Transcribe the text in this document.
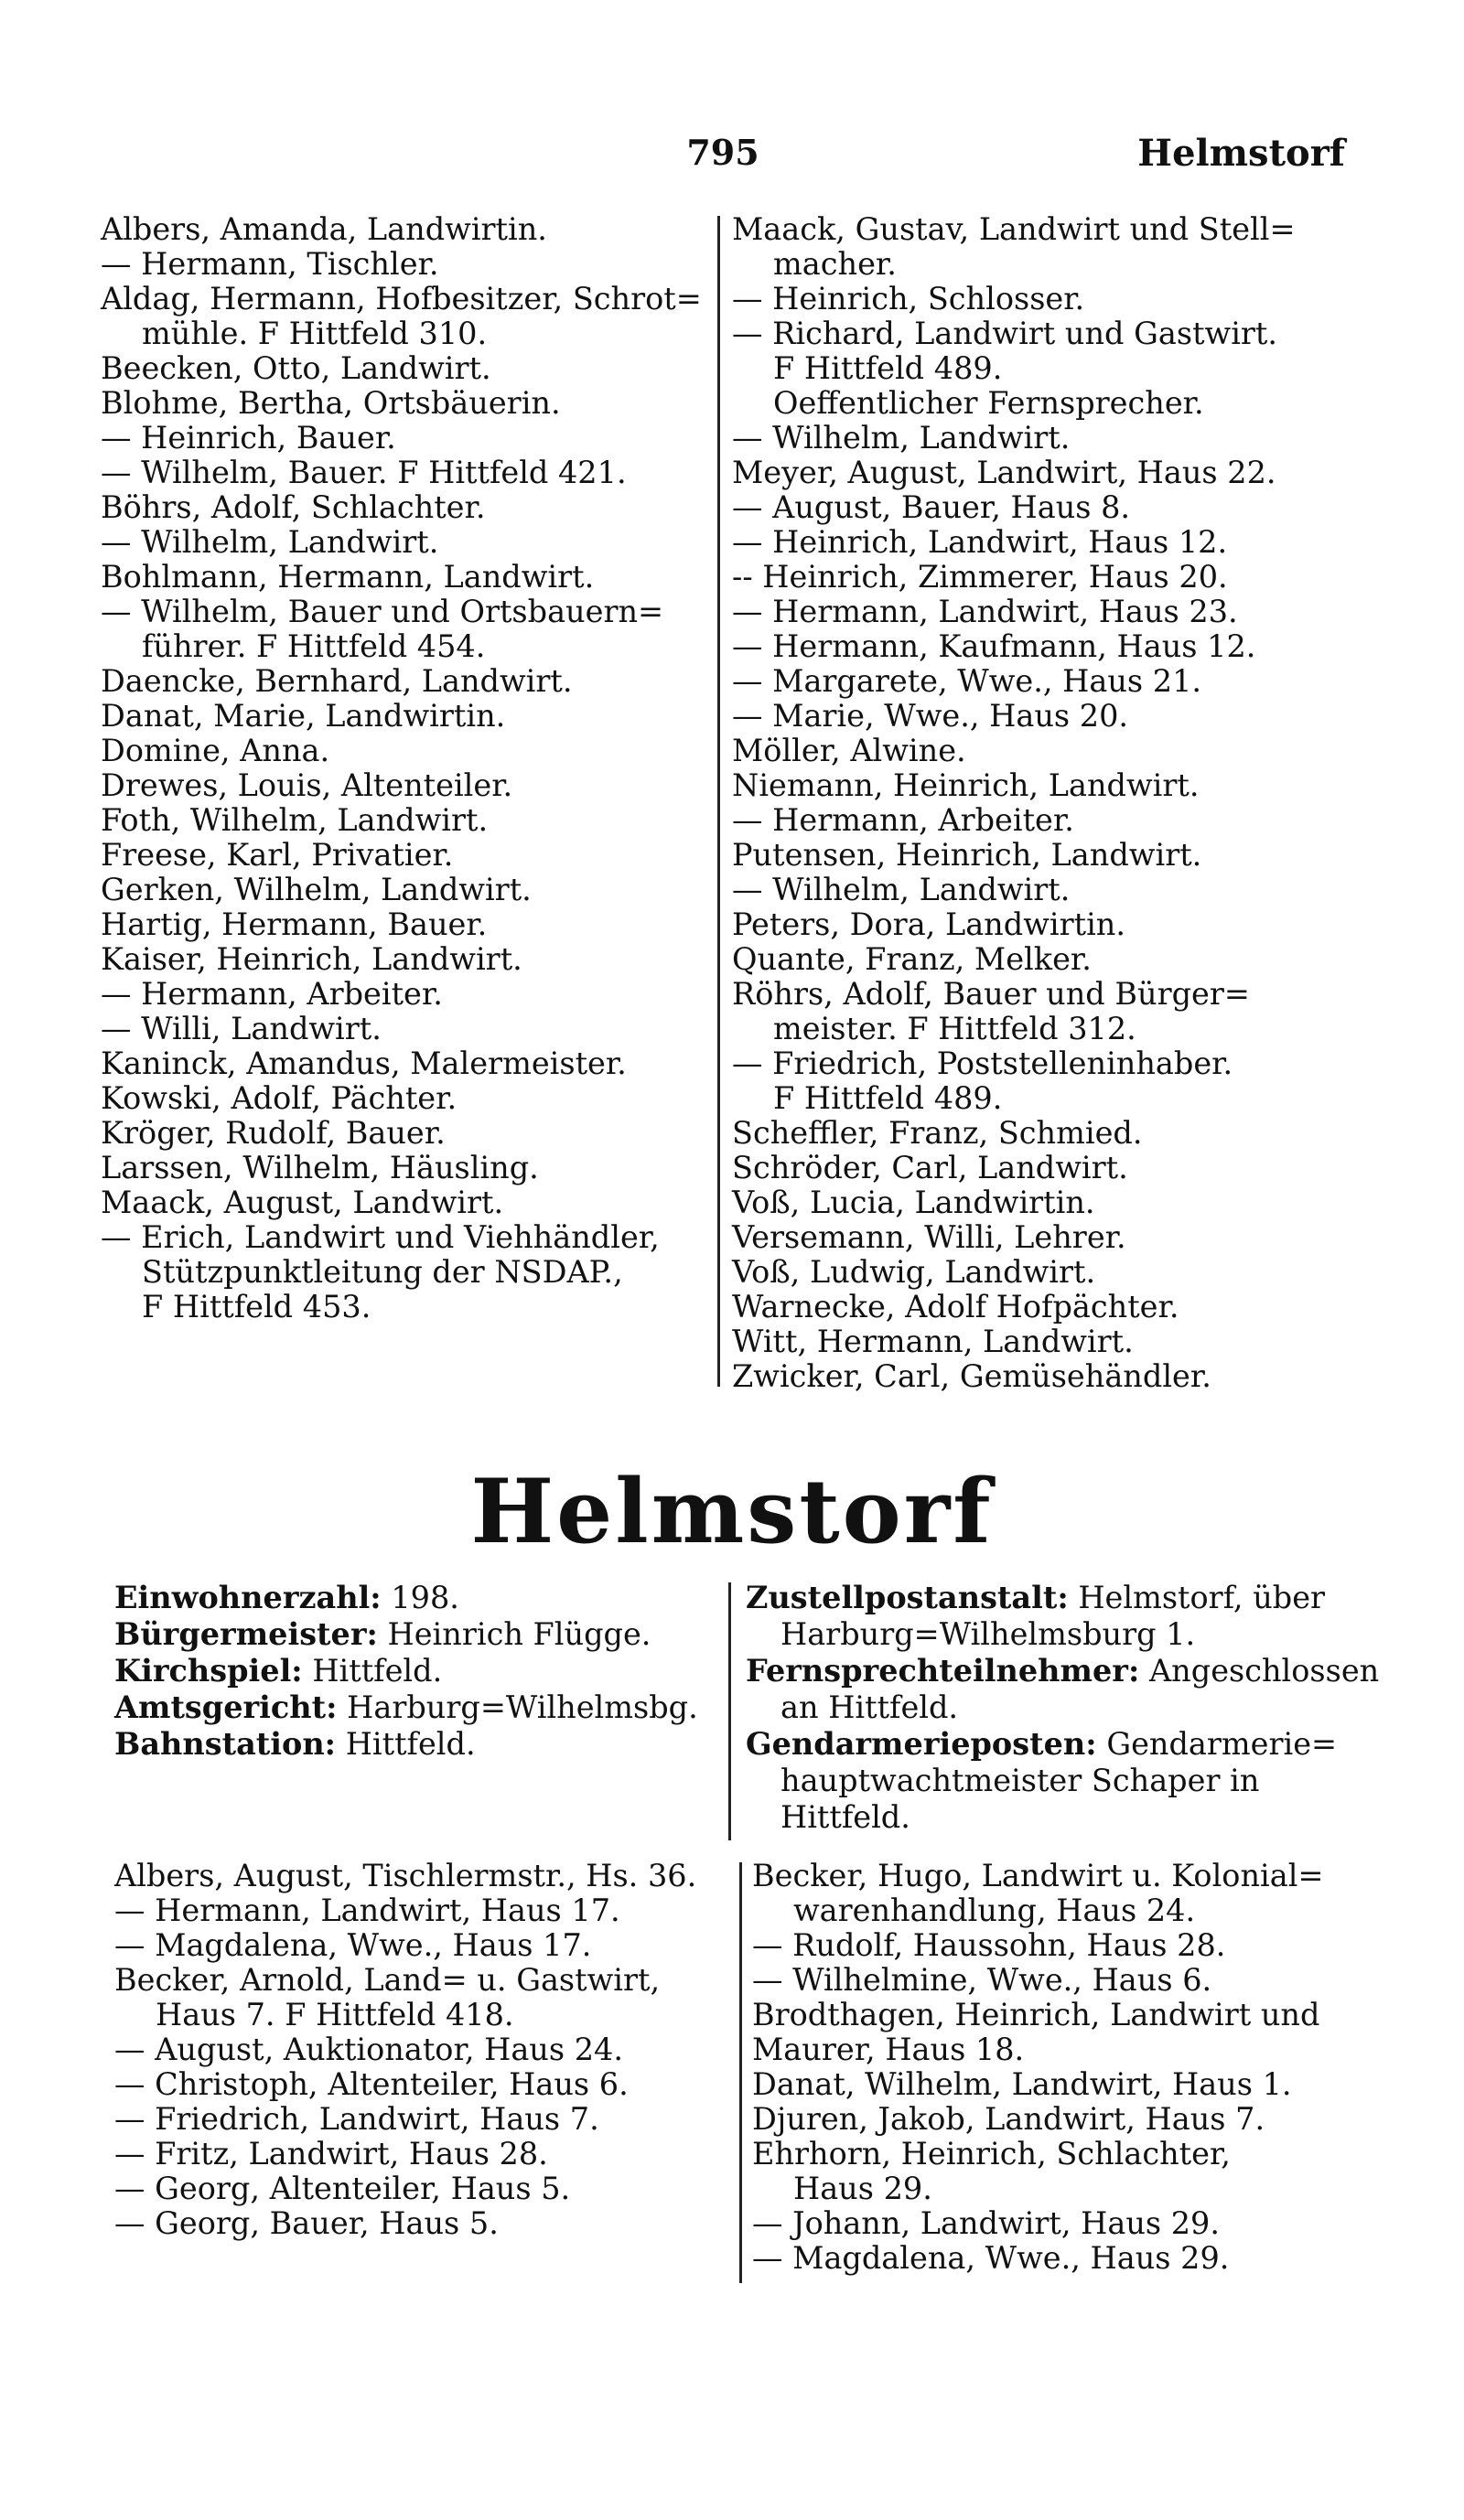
795	Helmstorf
Albers, Amanda, Landwirtin.
— Hermann, Tischler.
Aldag, Hermann, Hofbesitzer, Schrot=
mühle. F Hittfeld 310.
Beecken, Otto, Landwirt.
Blohme, Bertha, Ortsbäuerin.
— Heinrich, Bauer.
— Wilhelm, Bauer. F Hittfeld 421.
Böhrs, Adolf, Schlachter.
— Wilhelm, Landwirt.
Bohlmann, Hermann, Landwirt.
— Wilhelm, Bauer und Ortsbauern=
führer. F Hittfeld 454.
Daencke, Bernhard, Landwirt.
Danat, Marie, Landwirtin.
Domine, Anna.
Drewes, Louis, Altenteiler.
Foth, Wilhelm, Landwirt.
Freese, Karl, Privatier.
Gerken, Wilhelm, Landwirt.
Hartig, Hermann, Bauer.
Kaiser, Heinrich, Landwirt.
— Hermann, Arbeiter.
— Willi, Landwirt.
Kaninck, Amandus, Malermeister.
Kowski, Adolf, Pächter.
Kröger, Rudolf, Bauer.
Larssen, Wilhelm, Häusling.
Maack, August, Landwirt.
— Erich, Landwirt und Viehhändler,
Stützpunktleitung der NSDAP.,
F Hittfeld 453.
Maack, Gustav, Landwirt und Stell=
macher.
— Heinrich, Schlosser.
— Richard, Landwirt und Gastwirt.
F Hittfeld 489.
Oeffentlicher Fernsprecher.
— Wilhelm, Landwirt.
Meyer, August, Landwirt, Haus 22.
— August, Bauer, Haus 8.
— Heinrich, Landwirt, Haus 12.
-- Heinrich, Zimmerer, Haus 20.
— Hermann, Landwirt, Haus 23.
— Hermann, Kaufmann, Haus 12.
— Margarete, Wwe., Haus 21.
— Marie, Wwe., Haus 20.
Möller, Alwine.
Niemann, Heinrich, Landwirt.
— Hermann, Arbeiter.
Putensen, Heinrich, Landwirt.
— Wilhelm, Landwirt.
Peters, Dora, Landwirtin.
Quante, Franz, Melker.
Röhrs, Adolf, Bauer und Bürger=
meister. F Hittfeld 312.
— Friedrich, Poststelleninhaber.
F Hittfeld 489.
Scheffler, Franz, Schmied.
Schröder, Carl, Landwirt.
Voß, Lucia, Landwirtin.
Versemann, Willi, Lehrer.
Voß, Ludwig, Landwirt.
Warnecke, Adolf Hofpächter.
Witt, Hermann, Landwirt.
Zwicker, Carl, Gemüsehändler.
Helmstorf
Einwohnerzahl: 198.
Bürgermeister: Heinrich Flügge.
Kirchspiel: Hittfeld.
Amtsgericht: Harburg=Wilhelmsbg.
Bahnstation: Hittfeld.
Zustellpostanstalt: Helmstorf, über
Harburg=Wilhelmsburg 1.
Fernsprechteilnehmer: Angeschlossen
an Hittfeld.
Gendarmerieposten: Gendarmerie=
hauptwachtmeister Schaper in
Hittfeld.
Albers, August, Tischlermstr., Hs. 36.
— Hermann, Landwirt, Haus 17.
— Magdalena, Wwe., Haus 17.
Becker, Arnold, Land= u. Gastwirt,
Haus 7. F Hittfeld 418.
— August, Auktionator, Haus 24.
— Christoph, Altenteiler, Haus 6.
— Friedrich, Landwirt, Haus 7.
— Fritz, Landwirt, Haus 28.
— Georg, Altenteiler, Haus 5.
— Georg, Bauer, Haus 5.
Becker, Hugo, Landwirt u. Kolonial=
warenhandlung, Haus 24.
— Rudolf, Haussohn, Haus 28.
— Wilhelmine, Wwe., Haus 6.
Brodthagen, Heinrich, Landwirt und
Maurer, Haus 18.
Danat, Wilhelm, Landwirt, Haus 1.
Djuren, Jakob, Landwirt, Haus 7.
Ehrhorn, Heinrich, Schlachter,
Haus 29.
— Johann, Landwirt, Haus 29.
— Magdalena, Wwe., Haus 29.
